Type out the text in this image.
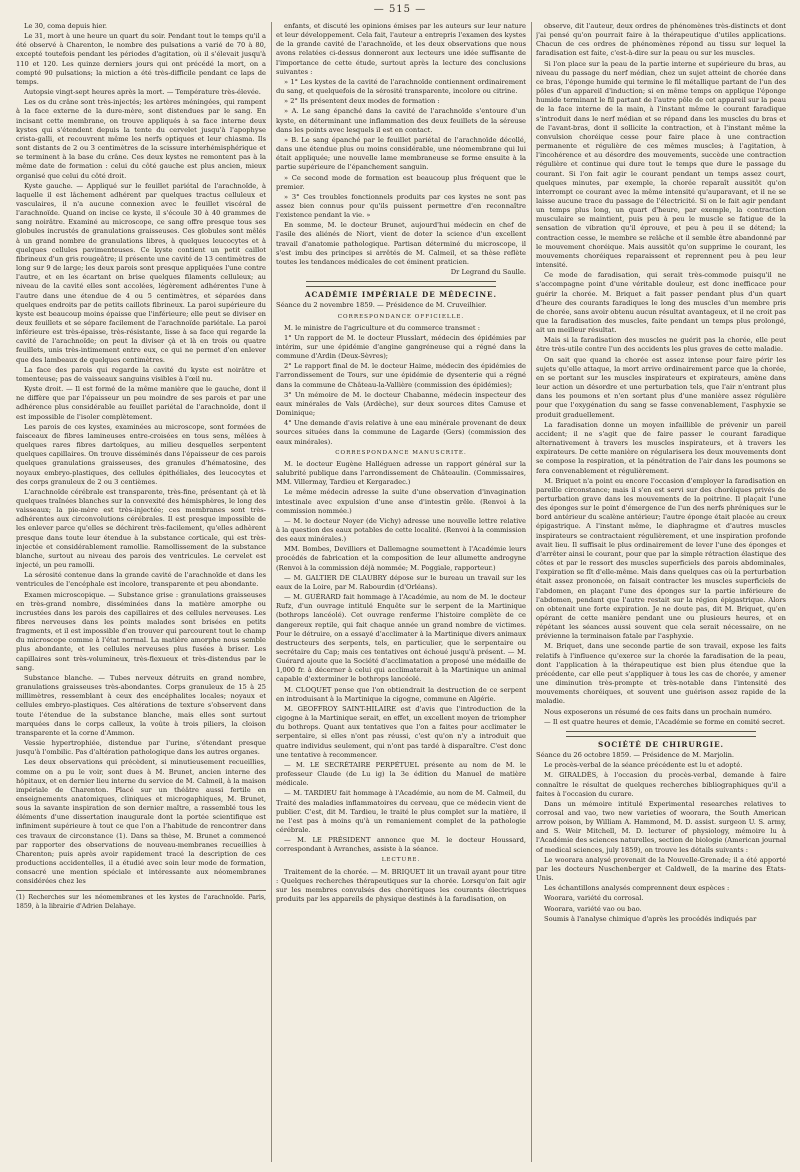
— 515 —

Le 30, coma depuis hier.

Le 31, mort à une heure un quart du soir. Pendant tout le temps qu'il a été observé à Charenton, le nombre des pulsations a varié de 70 à 80, excepté toutefois pendant les périodes d'agitation, où il s'élevait jusqu'à 110 et 120. Les quinze derniers jours qui ont précédé la mort, on a compté 90 pulsations; la miction a été très-difficile pendant ce laps de temps.

Autopsie vingt-sept heures après la mort. — Température très-élevée.

Les os du crâne sont très-injectés; les artères méningées, qui rampent à la face externe de la dure-mère, sont distendues par le sang. En incisant cette membrane, on trouve appliqués à sa face interne deux kystes qui s'étendent depuis la tente du cervelet jusqu'à l'apophyse crista-galli, et recouvrent même les nerfs optiques et leur chiasma. Ils sont distants de 2 ou 3 centimètres de la scissure interhémisphérique et se terminent à la base du crâne. Ces deux kystes ne remontent pas à la même date de formation : celui du côté gauche est plus ancien, mieux organisé que celui du côté droit.

Kyste gauche. — Appliqué sur le feuillet pariétal de l'arachnoïde, à laquelle il est lâchement adhérent par quelques tractus celluleux et vasculaires, il n'a aucune connexion avec le feuillet viscéral de l'arachnoïde. Quand on incise ce kyste, il s'écoule 30 à 40 grammes de sang noirâtre. Examiné au microscope, ce sang offre presque tous ses globules incrustés de granulations graisseuses. Ces globules sont mêlés à un grand nombre de granulations libres, à quelques leucocytes et à quelques cellules pavimenteuses. Ce kyste contient un petit caillot fibrineux d'un gris rougeâtre; il présente une cavité de 13 centimètres de long sur 9 de large; les deux parois sont presque appliquées l'une contre l'autre, et en les écartant on brise quelques filaments celluleux; au niveau de la cavité elles sont accolées, légèrement adhérentes l'une à l'autre dans une étendue de 4 ou 5 centimètres, et séparées dans quelques endroits par de petits caillots fibrineux. La paroi supérieure du kyste est beaucoup moins épaisse que l'inférieure; elle peut se diviser en deux feuillets et se sépare facilement de l'arachnoïde pariétale. La paroi inférieure est très-épaisse, très-résistante, lisse à sa face qui regarde la cavité de l'arachnoïde; on peut la diviser çà et là en trois ou quatre feuillets, unis très-intimement entre eux, ce qui ne permet d'en enlever que des lambeaux de quelques centimètres.

La face des parois qui regarde la cavité du kyste est noirâtre et tomenteuse; pas de vaisseaux sanguins visibles à l'œil nu.

Kyste droit. — Il est formé de la même manière que le gauche, dont il ne diffère que par l'épaisseur un peu moindre de ses parois et par une adhérence plus considérable au feuillet pariétal de l'arachnoïde, dont il est impossible de l'isoler complètement.

Les parois de ces kystes, examinées au microscope, sont formées de faisceaux de fibres lamineuses entre-croisées en tous sens, mêlées à quelques rares fibres dartoïques, au milieu desquelles serpentent quelques capillaires. On trouve disséminés dans l'épaisseur de ces parois quelques granulations graisseuses, des granules d'hématosine, des noyaux embryo-plastiques, des cellules épithéliales, des leucocytes et des corps granuleux de 2 ou 3 centièmes.

L'arachnoïde cérébrale est transparente, très-fine, présentant çà et là quelques traînées blanches sur la convexité des hémisphères, le long des vaisseaux; la pie-mère est très-injectée; ces membranes sont très-adhérentes aux circonvolutions cérébrales. Il est presque impossible de les enlever parce qu'elles se déchirent très-facilement, qu'elles adhèrent presque dans toute leur étendue à la substance corticale, qui est très-injectée et considérablement ramollie. Ramollissement de la substance blanche, surtout au niveau des parois des ventricules. Le cervelet est injecté, un peu ramolli.

La sérosité contenue dans la grande cavité de l'arachnoïde et dans les ventricules de l'encéphale est incolore, transparente et peu abondante.

Examen microscopique. — Substance grise : granulations graisseuses en très-grand nombre, disséminées dans la matière amorphe ou incrustées dans les parois des capillaires et des cellules nerveuses. Les fibres nerveuses dans les points malades sont brisées en petits fragments, et il est impossible d'en trouver qui parcourent tout le champ du microscope comme à l'état normal. La matière amorphe nous semble plus abondante, et les cellules nerveuses plus fusées à briser. Les capillaires sont très-volumineux, très-flexueux et très-distendus par le sang.

Substance blanche. — Tubes nerveux détruits en grand nombre, granulations graisseuses très-abondantes. Corps granuleux de 15 à 25 millimètres, ressemblant à ceux des encéphalites locales; noyaux et cellules embryo-plastiques. Ces altérations de texture s'observent dans toute l'étendue de la substance blanche, mais elles sont surtout marquées dans le corps calleux, la voûte à trois piliers, la cloison transparente et la corne d'Ammon.

Vessie hypertrophiée, distendue par l'urine, s'étendant presque jusqu'à l'ombilic. Pas d'altération pathologique dans les autres organes.

Les deux observations qui précèdent, si minutieusement recueillies, comme on a pu le voir, sont dues à M. Brunet, ancien interne des hôpitaux, et en dernier lieu interne du service de M. Calmeil, à la maison impériale de Charenton. Placé sur un théâtre aussi fertile en enseignements anatomiques, cliniques et microgaphiques, M. Brunet, sous la savante inspiration de son dernier maître, a rassemblé tous les éléments d'une dissertation inaugurale dont la portée scientifique est infiniment supérieure à tout ce que l'on a l'habitude de rencontrer dans ces travaux de circonstance (1). Dans sa thèse, M. Brunet a commencé par rapporter des observations de nouveau-membranes recueillies à Charenton; puis après avoir rapidement tracé la description de ces productions accidentelles, il a étudié avec soin leur mode de formation, consacré une mention spéciale et intéressante aux néomembranes considérées chez les

(1) Recherches sur les néomembranes et les kystes de l'arachnoïde. Paris, 1859, à la librairie d'Adrien Delahaye.

enfants, et discuté les opinions émises par les auteurs sur leur nature et leur développement. Cela fait, l'auteur a entrepris l'examen des kystes de la grande cavité de l'arachnoïde, et les deux observations que nous avons relatées ci-dessus donneront aux lecteurs une idée suffisante de l'importance de cette étude, surtout après la lecture des conclusions suivantes :

» 1° Les kystes de la cavité de l'arachnoïde contiennent ordinairement du sang, et quelquefois de la sérosité transparente, incolore ou citrine.

» 2° Ils présentent deux modes de formation :

» A. Le sang épanché dans la cavité de l'arachnoïde s'entoure d'un kyste, en déterminant une inflammation des deux feuillets de la séreuse dans les points avec lesquels il est en contact.

» B. Le sang épanché par le feuillet pariétal de l'arachnoïde décollé, dans une étendue plus ou moins considérable, une néomembrane qui lui était appliquée; une nouvelle lame membraneuse se forme ensuite à la partie supérieure de l'épanchement sanguin.

» Ce second mode de formation est beaucoup plus fréquent que le premier.

» 3° Ces troubles fonctionnels produits par ces kystes ne sont pas assez bien connus pour qu'ils puissent permettre d'en reconnaître l'existence pendant la vie. »

En somme, M. le docteur Brunet, aujourd'hui médecin en chef de l'asile des aliénés de Niort, vient de doter la science d'un excellent travail d'anatomie pathologique. Partisan déterminé du microscope, il s'est imbu des principes si arrêtés de M. Calmeil, et sa thèse reflète toutes les tendances médicales de cet éminent praticien.

Dr Legrand du Saulle.
ACADÉMIE IMPÉRIALE DE MÉDECINE.

Séance du 2 novembre 1859. — Présidence de M. Cruveilhier.

CORRESPONDANCE OFFICIELLE.

M. le ministre de l'agriculture et du commerce transmet :

1° Un rapport de M. le docteur Plusslart, médecin des épidémies par intérim, sur une épidémie d'angine gangréneuse qui a régné dans la commune d'Ardin (Deux-Sèvres);

2° Le rapport final de M. le docteur Haime, médecin des épidémies de l'arrondissement de Tours, sur une épidémie de dysenterie qui a régné dans la commune de Château-la-Vallière (commission des épidémies);

3° Un mémoire de M. le docteur Chabanne, médecin inspecteur des eaux minérales de Vals (Ardèche), sur deux sources dites Camuse et Dominique;

4° Une demande d'avis relative à une eau minérale provenant de deux sources situées dans la commune de Lagarde (Gers) (commission des eaux minérales).

CORRESPONDANCE MANUSCRITE.

M. le docteur Eugène Halléguen adresse un rapport général sur la salubrité publique dans l'arrondissement de Châteaulin. (Commissaires, MM. Villermay, Tardieu et Kergaradec.)

Le même médecin adresse la suite d'une observation d'invagination intestinale avec expulsion d'une anse d'intestin grêle. (Renvoi à la commission nommée.)

— M. le docteur Noyer (de Vichy) adresse une nouvelle lettre relative à la question des eaux potables de cette localité. (Renvoi à la commission des eaux minérales.)

MM. Bombes, Devilliers et Dallemagne soumettent à l'Académie leurs procédés de fabrication et la composition de leur allumette androgyne (Renvoi à la commission déjà nommée; M. Poggiale, rapporteur.)

— M. GALTIER DE CLAUBRY dépose sur le bureau un travail sur les eaux de la Loire, par M. Rabourdin (d'Orléans).

— M. GUÉRARD fait hommage à l'Académie, au nom de M. le docteur Rufz, d'un ouvrage intitulé Enquête sur le serpent de la Martinique (bothrops lancéolé). Cet ouvrage renferme l'histoire complète de ce dangereux reptile, qui fait chaque année un grand nombre de victimes. Pour le détruire, on a essayé d'acclimater à la Martinique divers animaux destructeurs des serpents, tels, en particulier, que le serpentaire ou secrétaire du Cap; mais ces tentatives ont échoué jusqu'à présent. — M. Guérard ajoute que la Société d'acclimatation a proposé une médaille de 1,000 fr. à décerner à celui qui acclimaterait à la Martinique un animal capable d'exterminer le bothrops lancéolé.

M. CLOQUET pense que l'on obtiendrait la destruction de ce serpent en introduisant à la Martinique la cigogne, commune en Algérie.

M. GEOFFROY SAINT-HILAIRE est d'avis que l'introduction de la cigogne à la Martinique serait, en effet, un excellent moyen de triompher du bothrops. Quant aux tentatives que l'on a faites pour acclimater le serpentaire, si elles n'ont pas réussi, c'est qu'on n'y a introduit que quatre individus seulement, qui n'ont pas tardé à disparaître. C'est donc une tentative à recommencer.

— M. LE SECRÉTAIRE PERPÉTUEL présente au nom de M. le professeur Claude (de Lu ig) la 3e édition du Manuel de matière médicale.

— M. TARDIEU fait hommage à l'Académie, au nom de M. Calmeil, du Traité des maladies inflammatoires du cerveau, que ce médecin vient de publier. C'est, dit M. Tardieu, le traité le plus complet sur la matière, il ne l'est pas à moins qu'à un remaniement complet de la pathologie cérébrale.

— M. LE PRÉSIDENT annonce que M. le docteur Houssard, correspondant à Avranches, assiste à la séance.

LECTURE.

Traitement de la chorée. — M. BRIQUET lit un travail ayant pour titre : Quelques recherches thérapeutiques sur la chorée. Lorsqu'on fait agir sur les membres convulsés des chorétiques les courants électriques produits par les appareils de physique destinés à la faradisation, on

observe, dit l'auteur, deux ordres de phénomènes très-distincts et dont j'ai pensé qu'on pourrait faire à la thérapeutique d'utiles applications. Chacun de ces ordres de phénomènes répond au tissu sur lequel la faradisation est faite, c'est-à-dire sur la peau ou sur les muscles.

Si l'on place sur la peau de la partie interne et supérieure du bras, au niveau du passage du nerf médian, chez un sujet atteint de chorée dans ce bras, l'éponge humide qui termine le fil métallique partant de l'un des pôles d'un appareil d'induction; si en même temps on applique l'éponge humide terminant le fil partant de l'autre pôle de cet appareil sur la peau de la face interne de la main, à l'instant même le courant faradique s'introduit dans le nerf médian et se répand dans les muscles du bras et de l'avant-bras, dont il sollicite la contraction, et à l'instant même la convulsion choréique cesse pour faire place à une contraction permanente et régulière de ces mêmes muscles; à l'agitation, à l'incohérence et au désordre des mouvements, succède une contraction régulière et continue qui dure tout le temps que dure le passage du courant. Si l'on fait agir le courant pendant un temps assez court, quelques minutes, par exemple, la chorée reparaît aussitôt qu'on interrompt ce courant avec la même intensité qu'auparavant, et il ne se laisse aucune trace du passage de l'électricité. Si on le fait agir pendant un temps plus long, un quart d'heure, par exemple, la contraction musculaire se maintient, puis peu à peu le muscle se fatigue de la sensation de vibration qu'il éprouve, et peu à peu il se détend; la contraction cesse, le membre se relâche et il semble être abandonné par le mouvement choréique. Mais aussitôt qu'on supprime le courant, les mouvements choréiques reparaissent et reprennent peu à peu leur intensité.

Ce mode de faradisation, qui serait très-commode puisqu'il ne s'accompagne point d'une véritable douleur, est donc inefficace pour guérir la chorée. M. Briquet a fait passer pendant plus d'un quart d'heure des courants faradiques le long des muscles d'un membre pris de chorée, sans avoir obtenu aucun résultat avantageux, et il ne croit pas que la faradisation des muscles, faite pendant un temps plus prolongé, ait un meilleur résultat.

Mais si la faradisation des muscles ne guérit pas la chorée, elle peut être très-utile contre l'un des accidents les plus graves de cette maladie.

On sait que quand la chorée est assez intense pour faire périr les sujets qu'elle attaque, la mort arrive ordinairement parce que la chorée, en se portant sur les muscles inspirateurs et expirateurs, amène dans leur action un désordre et une perturbation tels, que l'air n'entrant plus dans les poumons et n'en sortant plus d'une manière assez régulière pour que l'oxygénation du sang se fasse convenablement, l'asphyxie se produit graduellement.

La faradisation donne un moyen infaillible de prévenir un pareil accident; il ne s'agit que de faire passer le courant faradique alternativement à travers les muscles inspirateurs, et à travers les expirateurs. De cette manière on régularisera les deux mouvements dont se compose la respiration, et la pénétration de l'air dans les poumons se fera convenablement et régulièrement.

M. Briquet n'a point eu encore l'occasion d'employer la faradisation en pareille circonstance; mais il s'en est servi sur des choréiques privés de perturbation grave dans les mouvements de la poitrine. Il plaçait l'une des éponges sur le point d'émergence de l'un des nerfs phréniques sur le bord antérieur du scalène antérieur; l'autre éponge était placée au creux épigastrique. A l'instant même, le diaphragme et d'autres muscles inspirateurs se contractaient régulièrement, et une inspiration profonde avait lieu. Il suffisait le plus ordinairement de lever l'une des éponges et d'arrêter ainsi le courant, pour que par la simple rétraction élastique des côtes et par le ressort des muscles superficiels des parois abdominales, l'expiration se fît d'elle-même. Mais dans quelques cas où la perturbation était assez prononcée, on faisait contracter les muscles superficiels de l'abdomen, en plaçant l'une des éponges sur la partie inférieure de l'abdomen, pendant que l'autre restait sur la région épigastrique. Alors on obtenait une forte expiration. Je ne doute pas, dit M. Briquet, qu'en opérant de cette manière pendant une ou plusieurs heures, et en répétant les séances aussi souvent que cela serait nécessaire, on ne prévienne la terminaison fatale par l'asphyxie.

M. Briquet, dans une seconde partie de son travail, expose les faits relatifs à l'influence qu'exerce sur la chorée la faradisation de la peau, dont l'application à la thérapeutique est bien plus étendue que la précédente, car elle peut s'appliquer à tous les cas de chorée, y amener une diminution très-prompte et très-notable dans l'intensité des mouvements choréiques, et souvent une guérison assez rapide de la maladie.

Nous exposerons un résumé de ces faits dans un prochain numéro.

— Il est quatre heures et demie, l'Académie se forme en comité secret.

SOCIÉTÉ DE CHIRURGIE.

Séance du 26 octobre 1859. — Présidence de M. Marjolin.

Le procès-verbal de la séance précédente est lu et adopté.

M. GIRALDÈS, à l'occasion du procès-verbal, demande à faire connaître le résultat de quelques recherches bibliographiques qu'il a faites à l'occasion du curare.

Dans un mémoire intitulé Experimental researches relatives to corrosal and vao, two new varieties of woorara, the South American arrow poison, by William A. Hammond, M. D. assist. surgeon U. S. army, and S. Weir Mitchell, M. D. lecturer of physiology, mémoire lu à l'Académie des sciences naturelles, section de biologie (American journal of medical sciences, july 1859), on trouve les détails suivants :

Le woorara analysé provenait de la Nouvelle-Grenade; il a été apporté par les docteurs Nuschenberger et Caldwell, de la marine des États-Unis.

Les échantillons analysés comprennent deux espèces :

Woorara, variété du corrosal.

Woorara, variété vao ou bao.

Soumis à l'analyse chimique d'après les procédés indiqués par
